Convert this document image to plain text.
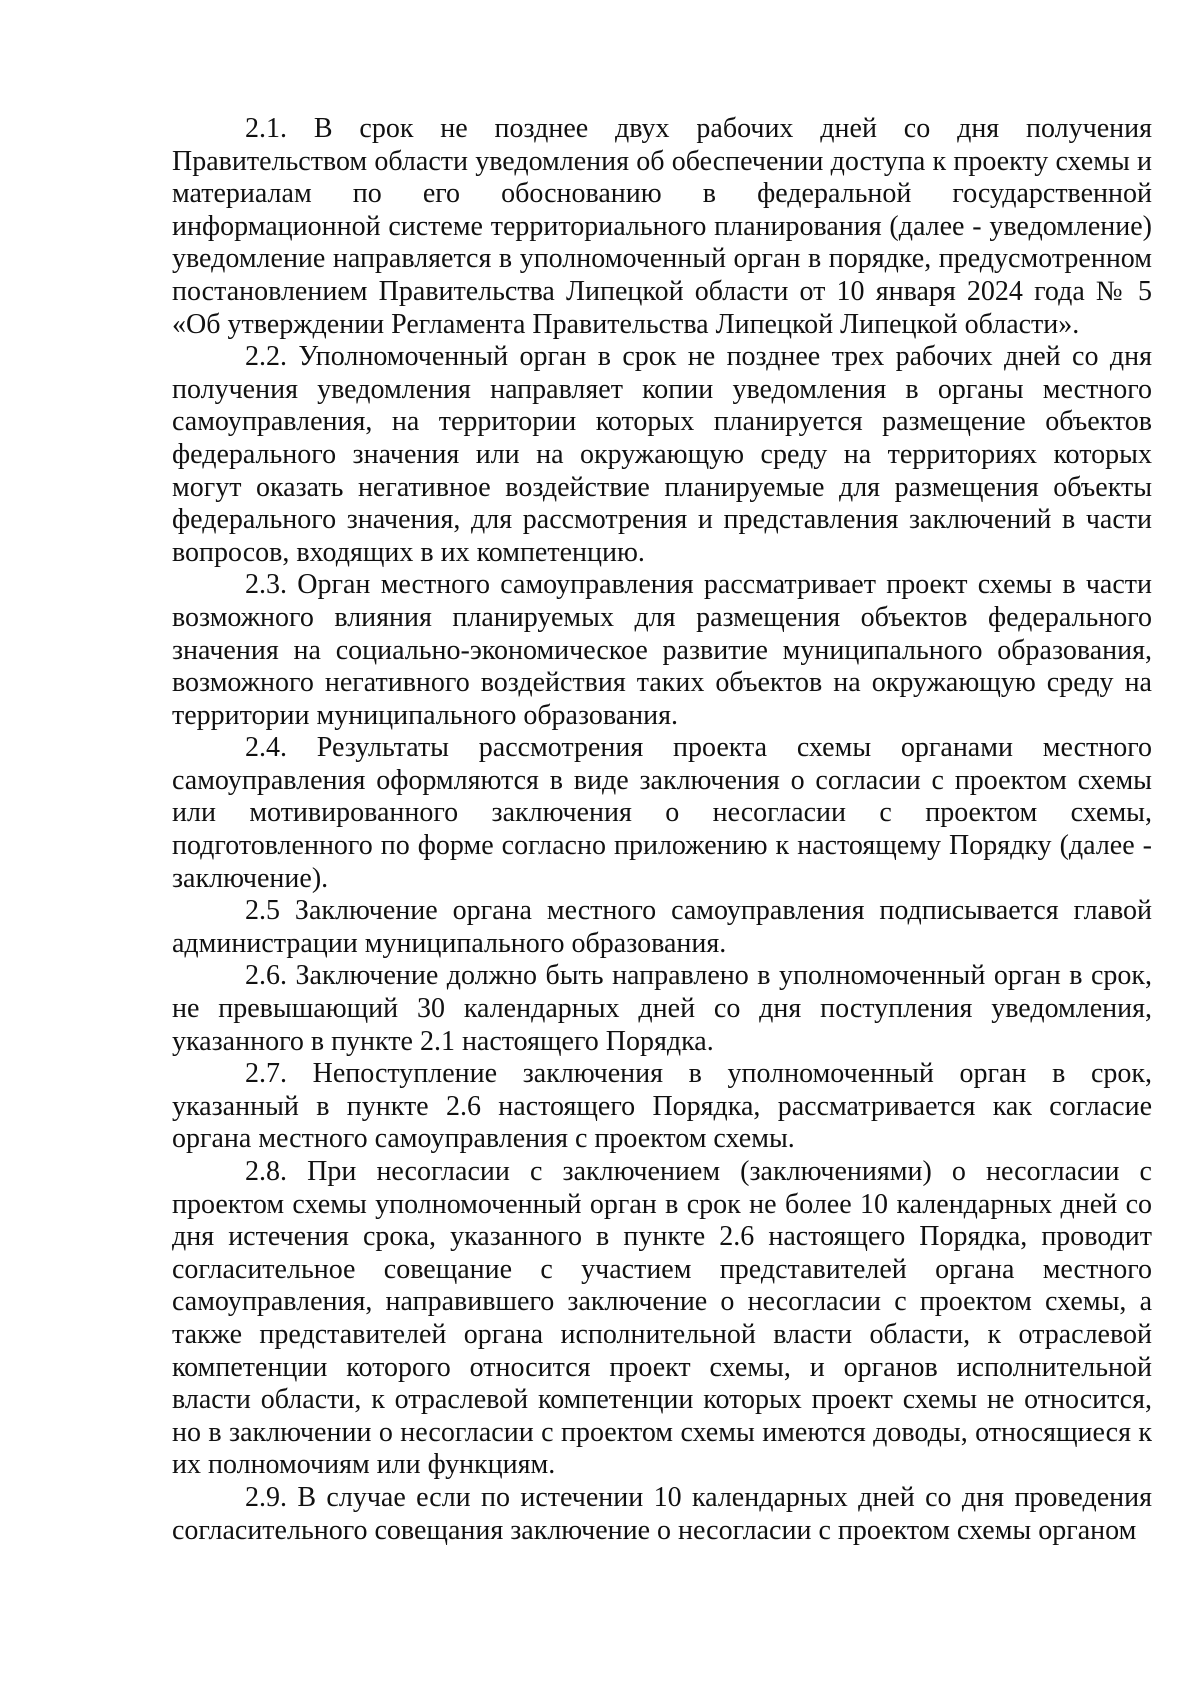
2.1. В срок не позднее двух рабочих дней со дня получения Правительством области уведомления об обеспечении доступа к проекту схемы и материалам по его обоснованию в федеральной государственной информационной системе территориального планирования (далее - уведомление) уведомление направляется в уполномоченный орган в порядке, предусмотренном постановлением Правительства Липецкой области от 10 января 2024 года № 5 «Об утверждении Регламента Правительства Липецкой Липецкой области».

2.2. Уполномоченный орган в срок не позднее трех рабочих дней со дня получения уведомления направляет копии уведомления в органы местного самоуправления, на территории которых планируется размещение объектов федерального значения или на окружающую среду на территориях которых могут оказать негативное воздействие планируемые для размещения объекты федерального значения, для рассмотрения и представления заключений в части вопросов, входящих в их компетенцию.

2.3. Орган местного самоуправления рассматривает проект схемы в части возможного влияния планируемых для размещения объектов федерального значения на социально-экономическое развитие муниципального образования, возможного негативного воздействия таких объектов на окружающую среду на территории муниципального образования.

2.4. Результаты рассмотрения проекта схемы органами местного самоуправления оформляются в виде заключения о согласии с проектом схемы или мотивированного заключения о несогласии с проектом схемы, подготовленного по форме согласно приложению к настоящему Порядку (далее - заключение).

2.5 Заключение органа местного самоуправления подписывается главой администрации муниципального образования.

2.6. Заключение должно быть направлено в уполномоченный орган в срок, не превышающий 30 календарных дней со дня поступления уведомления, указанного в пункте 2.1 настоящего Порядка.

2.7. Непоступление заключения в уполномоченный орган в срок, указанный в пункте 2.6 настоящего Порядка, рассматривается как согласие органа местного самоуправления с проектом схемы.

2.8. При несогласии с заключением (заключениями) о несогласии с проектом схемы уполномоченный орган в срок не более 10 календарных дней со дня истечения срока, указанного в пункте 2.6 настоящего Порядка, проводит согласительное совещание с участием представителей органа местного самоуправления, направившего заключение о несогласии с проектом схемы, а также представителей органа исполнительной власти области, к отраслевой компетенции которого относится проект схемы, и органов исполнительной власти области, к отраслевой компетенции которых проект схемы не относится, но в заключении о несогласии с проектом схемы имеются доводы, относящиеся к их полномочиям или функциям.

2.9. В случае если по истечении 10 календарных дней со дня проведения согласительного совещания заключение о несогласии с проектом схемы органом
